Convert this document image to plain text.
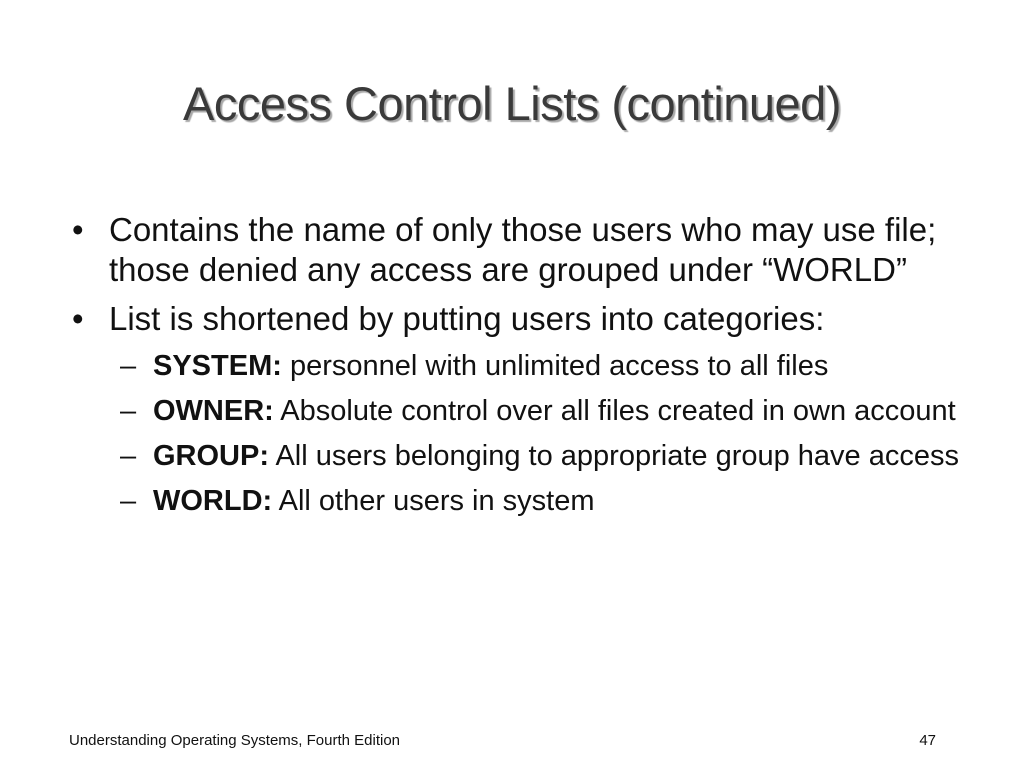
Access Control Lists (continued)
• Contains the name of only those users who may use file; those denied any access are grouped under “WORLD”
• List is shortened by putting users into categories:
– SYSTEM: personnel with unlimited access to all files
– OWNER: Absolute control over all files created in own account
– GROUP: All users belonging to appropriate group have access
– WORLD: All other users in system
Understanding Operating Systems, Fourth Edition	47
